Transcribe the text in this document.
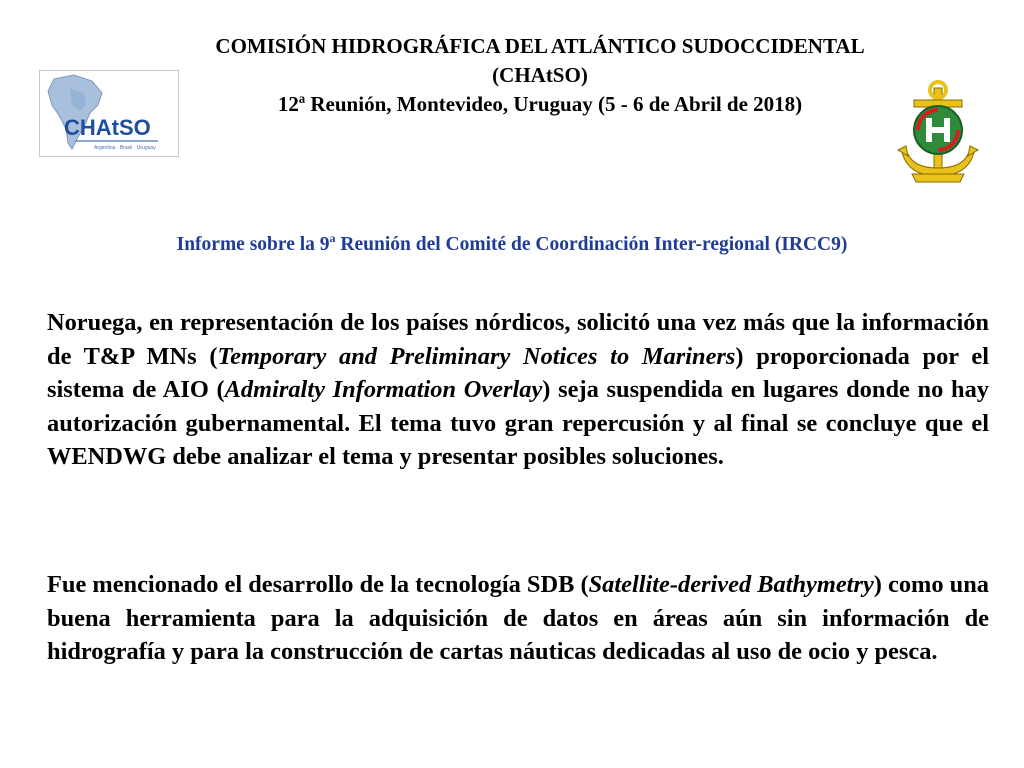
COMISIÓN HIDROGRÁFICA DEL ATLÁNTICO SUDOCCIDENTAL
(CHAtSO)
12ª Reunión, Montevideo, Uruguay (5 - 6 de Abril de 2018)
CHAtSO
Argentina · Brasil · Uruguay
Informe sobre la 9$^a$ Reunión del Comité de Coordinación Inter-regional (IRCC9)
Noruega, en representación de los países nórdicos, solicitó una vez más que la información de T&P MNs (Temporary and Preliminary Notices to Mariners) proporcionada por el sistema de AIO (Admiralty Information Overlay) seja suspendida en lugares donde no hay autorización gubernamental. El tema tuvo gran repercusión y al final se concluye que el WENDWG debe analizar el tema y presentar posibles soluciones.
Fue mencionado el desarrollo de la tecnología SDB (Satellite-derived Bathymetry) como una buena herramienta para la adquisición de datos en áreas aún sin información de hidrografía y para la construcción de cartas náuticas dedicadas al uso de ocio y pesca.
